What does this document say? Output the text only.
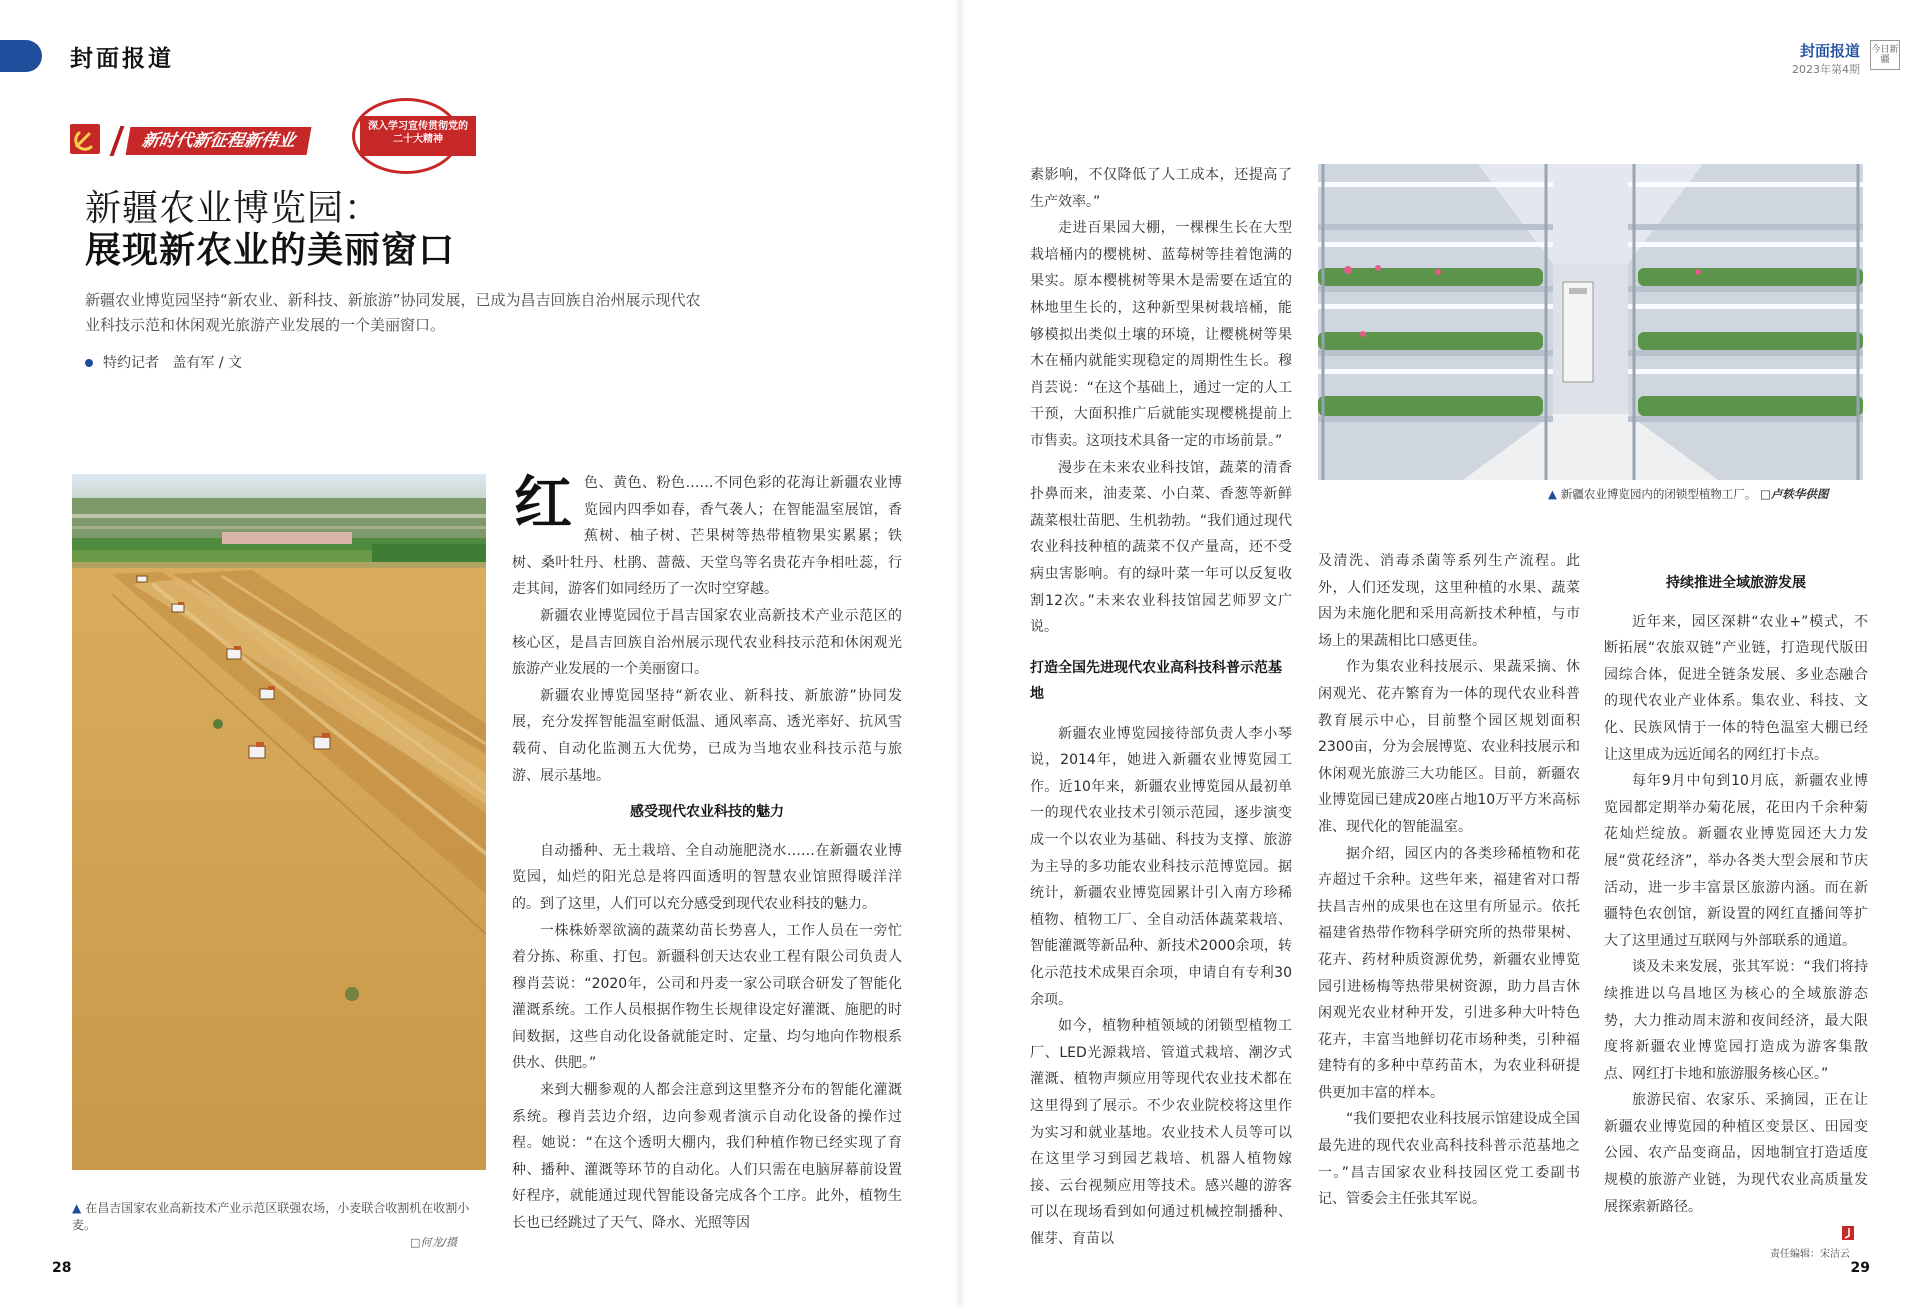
封面报道	封面报道
2023年第4期
今日新疆
新时代新征程新伟业
深入学习宣传贯彻党的二十大精神
新疆农业博览园：
展现新农业的美丽窗口
新疆农业博览园坚持“新农业、新科技、新旅游”协同发展，已成为昌吉回族自治州展示现代农业科技示范和休闲观光旅游产业发展的一个美丽窗口。
特约记者 盖有军 / 文
▲ 在昌吉国家农业高新技术产业示范区联强农场，小麦联合收割机在收割小麦。
□何龙/摄

红色、黄色、粉色……不同色彩的花海让新疆农业博览园内四季如春，香气袭人；在智能温室展馆，香蕉树、柚子树、芒果树等热带植物果实累累；铁树、桑叶牡丹、杜鹃、蔷薇、天堂鸟等名贵花卉争相吐蕊，行走其间，游客们如同经历了一次时空穿越。

新疆农业博览园位于昌吉国家农业高新技术产业示范区的核心区，是昌吉回族自治州展示现代农业科技示范和休闲观光旅游产业发展的一个美丽窗口。

新疆农业博览园坚持“新农业、新科技、新旅游”协同发展，充分发挥智能温室耐低温、通风率高、透光率好、抗风雪载荷、自动化监测五大优势，已成为当地农业科技示范与旅游、展示基地。

感受现代农业科技的魅力

自动播种、无土栽培、全自动施肥浇水……在新疆农业博览园，灿烂的阳光总是将四面透明的智慧农业馆照得暖洋洋的。到了这里，人们可以充分感受到现代农业科技的魅力。

一株株娇翠欲滴的蔬菜幼苗长势喜人，工作人员在一旁忙着分拣、称重、打包。新疆科创天达农业工程有限公司负责人穆肖芸说：“2020年，公司和丹麦一家公司联合研发了智能化灌溉系统。工作人员根据作物生长规律设定好灌溉、施肥的时间数据，这些自动化设备就能定时、定量、均匀地向作物根系供水、供肥。”

来到大棚参观的人都会注意到这里整齐分布的智能化灌溉系统。穆肖芸边介绍，边向参观者演示自动化设备的操作过程。她说：“在这个透明大棚内，我们种植作物已经实现了育种、播种、灌溉等环节的自动化。人们只需在电脑屏幕前设置好程序，就能通过现代智能设备完成各个工序。此外，植物生长也已经跳过了天气、降水、光照等因

素影响，不仅降低了人工成本，还提高了生产效率。”

走进百果园大棚，一棵棵生长在大型栽培桶内的樱桃树、蓝莓树等挂着饱满的果实。原本樱桃树等果木是需要在适宜的林地里生长的，这种新型果树栽培桶，能够模拟出类似土壤的环境，让樱桃树等果木在桶内就能实现稳定的周期性生长。穆肖芸说：“在这个基础上，通过一定的人工干预，大面积推广后就能实现樱桃提前上市售卖。这项技术具备一定的市场前景。”

漫步在未来农业科技馆，蔬菜的清香扑鼻而来，油麦菜、小白菜、香葱等新鲜蔬菜根壮苗肥、生机勃勃。“我们通过现代农业科技种植的蔬菜不仅产量高，还不受病虫害影响。有的绿叶菜一年可以反复收割12次。”未来农业科技馆园艺师罗文广说。

打造全国先进现代农业高科技科普示范基地

新疆农业博览园接待部负责人李小琴说，2014年，她进入新疆农业博览园工作。近10年来，新疆农业博览园从最初单一的现代农业技术引领示范园，逐步演变成一个以农业为基础、科技为支撑、旅游为主导的多功能农业科技示范博览园。据统计，新疆农业博览园累计引入南方珍稀植物、植物工厂、全自动活体蔬菜栽培、智能灌溉等新品种、新技术2000余项，转化示范技术成果百余项，申请自有专利30余项。

如今，植物种植领域的闭锁型植物工厂、LED光源栽培、管道式栽培、潮汐式灌溉、植物声频应用等现代农业技术都在这里得到了展示。不少农业院校将这里作为实习和就业基地。农业技术人员等可以在这里学习到园艺栽培、机器人植物嫁接、云台视频应用等技术。感兴趣的游客可以在现场看到如何通过机械控制播种、催芽、育苗以

▲ 新疆农业博览园内的闭锁型植物工厂。 □卢轶华供图

及清洗、消毒杀菌等系列生产流程。此外，人们还发现，这里种植的水果、蔬菜因为未施化肥和采用高新技术种植，与市场上的果蔬相比口感更佳。

作为集农业科技展示、果蔬采摘、休闲观光、花卉繁育为一体的现代农业科普教育展示中心，目前整个园区规划面积2300亩，分为会展博览、农业科技展示和休闲观光旅游三大功能区。目前，新疆农业博览园已建成20座占地10万平方米高标准、现代化的智能温室。

据介绍，园区内的各类珍稀植物和花卉超过千余种。这些年来，福建省对口帮扶昌吉州的成果也在这里有所显示。依托福建省热带作物科学研究所的热带果树、花卉、药材种质资源优势，新疆农业博览园引进杨梅等热带果树资源，助力昌吉休闲观光农业材种开发，引进多种大叶特色花卉，丰富当地鲜切花市场种类，引种福建特有的多种中草药苗木，为农业科研提供更加丰富的样本。

“我们要把农业科技展示馆建设成全国最先进的现代农业高科技科普示范基地之一。”昌吉国家农业科技园区党工委副书记、管委会主任张其军说。

持续推进全域旅游发展

近年来，园区深耕“农业+”模式，不断拓展“农旅双链”产业链，打造现代版田园综合体，促进全链条发展、多业态融合的现代农业产业体系。集农业、科技、文化、民族风情于一体的特色温室大棚已经让这里成为远近闻名的网红打卡点。

每年9月中旬到10月底，新疆农业博览园都定期举办菊花展，花田内千余种菊花灿烂绽放。新疆农业博览园还大力发展“赏花经济”，举办各类大型会展和节庆活动，进一步丰富景区旅游内涵。而在新疆特色农创馆，新设置的网红直播间等扩大了这里通过互联网与外部联系的通道。

谈及未来发展，张其军说：“我们将持续推进以乌昌地区为核心的全域旅游态势，大力推动周末游和夜间经济，最大限度将新疆农业博览园打造成为游客集散点、网红打卡地和旅游服务核心区。”

旅游民宿、农家乐、采摘园，正在让新疆农业博览园的种植区变景区、田园变公园、农产品变商品，因地制宜打造适度规模的旅游产业链，为现代农业高质量发展探索新路径。

28
责任编辑：宋洁云
29
